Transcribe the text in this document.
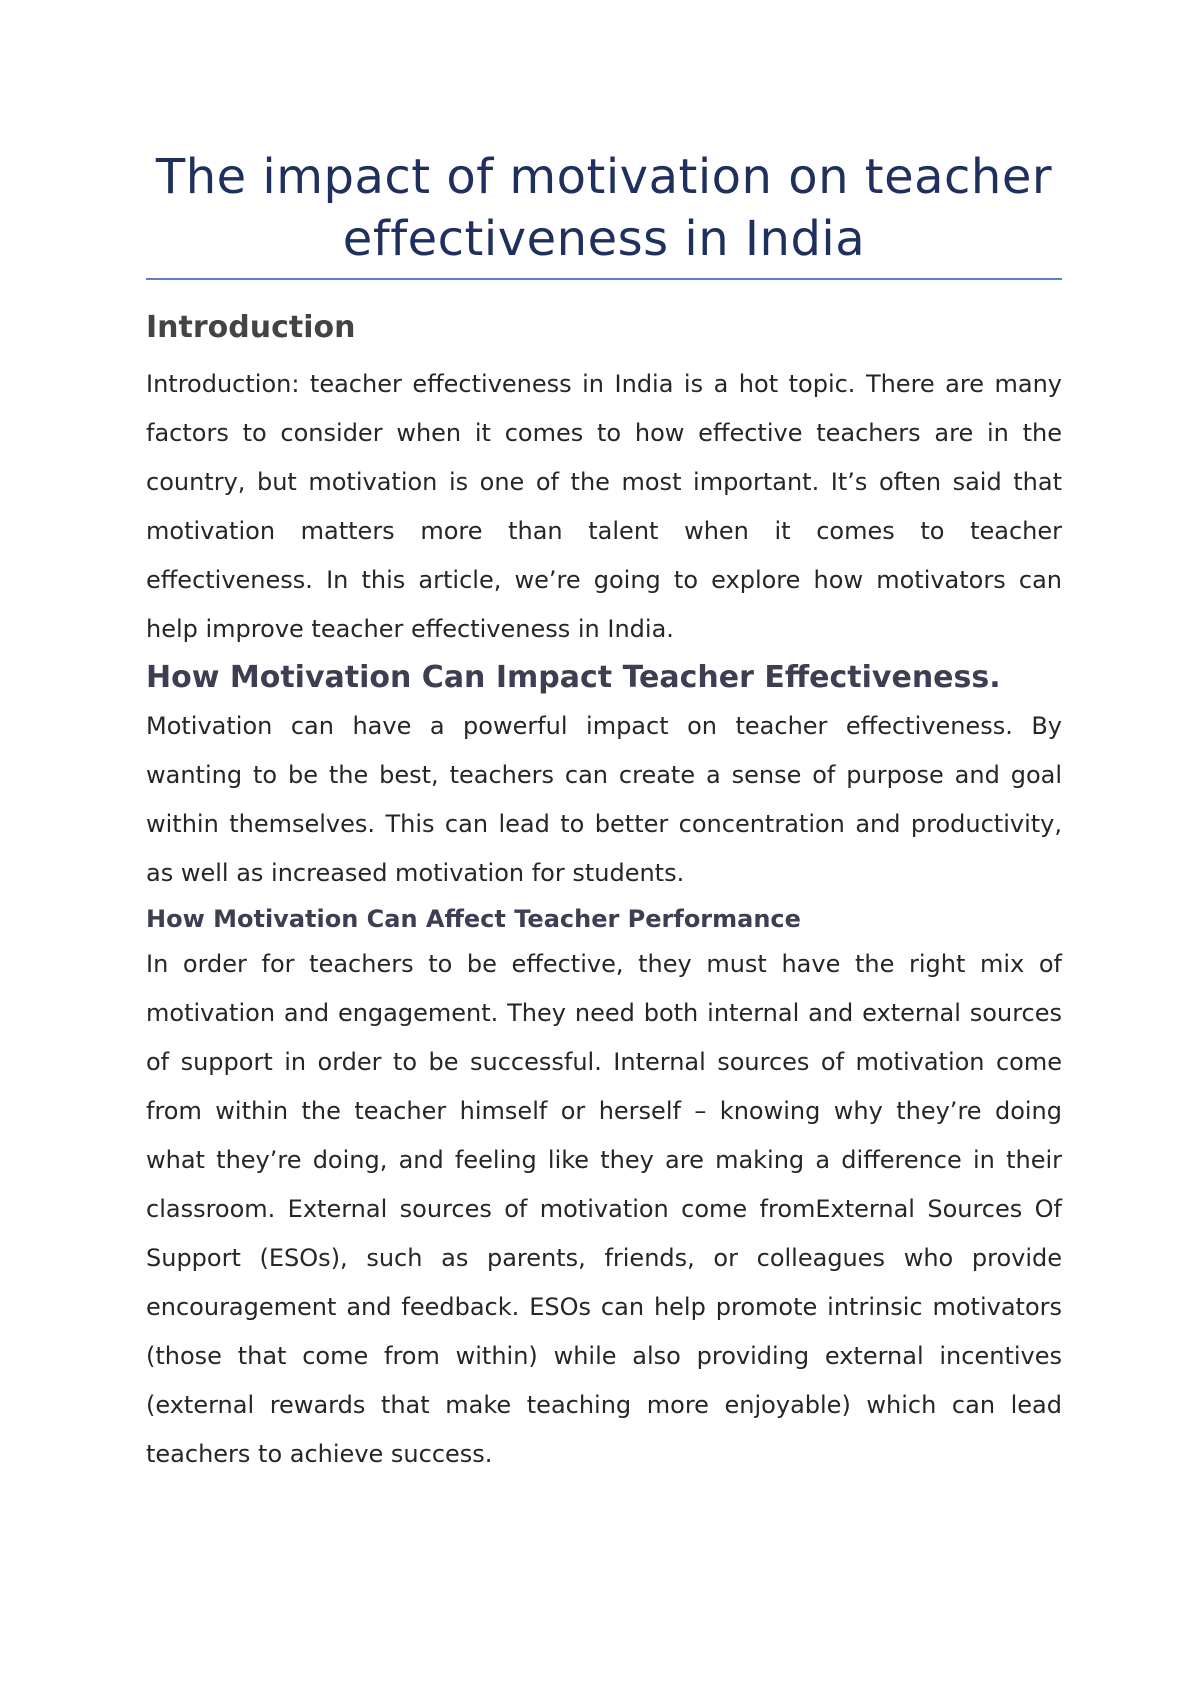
The impact of motivation on teacher effectiveness in India
Introduction

Introduction: teacher effectiveness in India is a hot topic. There are many factors to consider when it comes to how effective teachers are in the country, but motivation is one of the most important. It’s often said that motivation matters more than talent when it comes to teacher effectiveness. In this article, we’re going to explore how motivators can help improve teacher effectiveness in India.

How Motivation Can Impact Teacher Effectiveness.

Motivation can have a powerful impact on teacher effectiveness. By wanting to be the best, teachers can create a sense of purpose and goal within themselves. This can lead to better concentration and productivity, as well as increased motivation for students.

How Motivation Can Affect Teacher Performance

In order for teachers to be effective, they must have the right mix of motivation and engagement. They need both internal and external sources of support in order to be successful. Internal sources of motivation come from within the teacher himself or herself – knowing why they’re doing what they’re doing, and feeling like they are making a difference in their classroom. External sources of motivation come fromExternal Sources Of Support (ESOs), such as parents, friends, or colleagues who provide encouragement and feedback. ESOs can help promote intrinsic motivators (those that come from within) while also providing external incentives (external rewards that make teaching more enjoyable) which can lead teachers to achieve success.
